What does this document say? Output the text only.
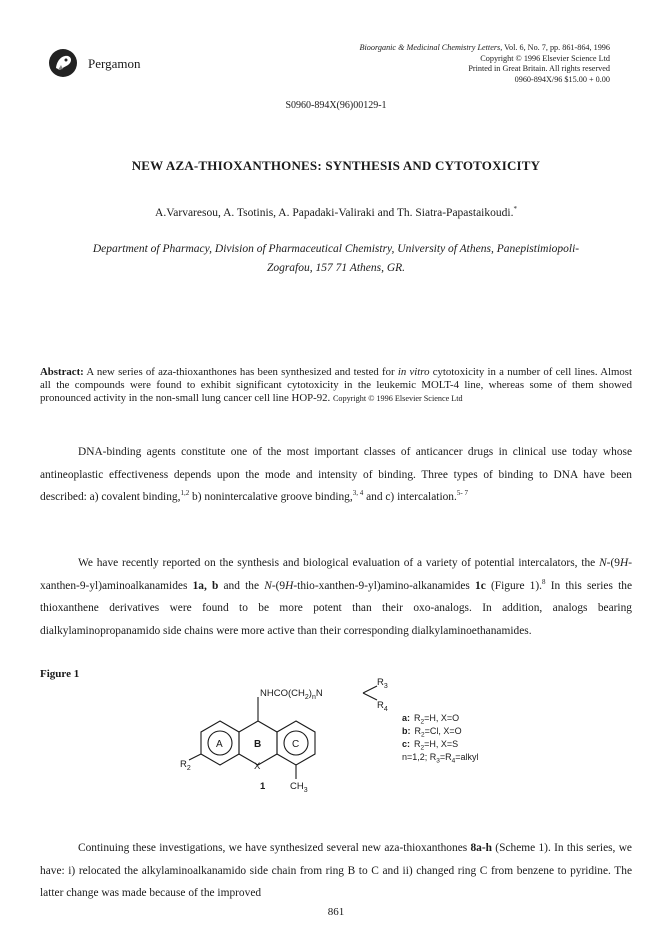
Pergamon
Bioorganic & Medicinal Chemistry Letters, Vol. 6, No. 7, pp. 861-864, 1996
Copyright © 1996 Elsevier Science Ltd
Printed in Great Britain. All rights reserved
0960-894X/96 $15.00 + 0.00
S0960-894X(96)00129-1
NEW AZA-THIOXANTHONES: SYNTHESIS AND CYTOTOXICITY
A.Varvaresou, A. Tsotinis, A. Papadaki-Valiraki and Th. Siatra-Papastaikoudi.*
Department of Pharmacy, Division of Pharmaceutical Chemistry, University of Athens, Panepistimiopoli-
Zografou, 157 71 Athens, GR.
Abstract: A new series of aza-thioxanthones has been synthesized and tested for in vitro cytotoxicity in a number of cell lines. Almost all the compounds were found to exhibit significant cytotoxicity in the leukemic MOLT-4 line, whereas some of them showed pronounced activity in the non-small lung cancer cell line HOP-92. Copyright © 1996 Elsevier Science Ltd
DNA-binding agents constitute one of the most important classes of anticancer drugs in clinical use today whose antineoplastic effectiveness depends upon the mode and intensity of binding. Three types of binding to DNA have been described: a) covalent binding,$^{1,2}$ b) nonintercalative groove binding,$^{3, 4}$ and c) intercalation.$^{5- 7}$
We have recently reported on the synthesis and biological evaluation of a variety of potential intercalators, the N-(9H-xanthen-9-yl)aminoalkanamides 1a, b and the N-(9H-thio-xanthen-9-yl)amino-alkanamides 1c (Figure 1).$^8$ In this series the thioxanthene derivatives were found to be more potent than their oxo-analogs. In addition, analogs bearing dialkylaminopropanamido side chains were more active than their corresponding dialkylaminoethanamides.
Figure 1
$NHCO(CH_2)_nN$
$R_3$
$R_4$
A	B	C
$R_2$	X
$CH_3$
1
a: $R_2=H$, X=O
b: $R_2=Cl$, X=O
c: $R_2=H$, X=S
n=1,2; $R_3=R_4=alkyl$
Continuing these investigations, we have synthesized several new aza-thioxanthones 8a-h (Scheme 1). In this series, we have: i) relocated the alkylaminoalkanamido side chain from ring B to C and ii) changed ring C from benzene to pyridine. The latter change was made because of the improved
861
